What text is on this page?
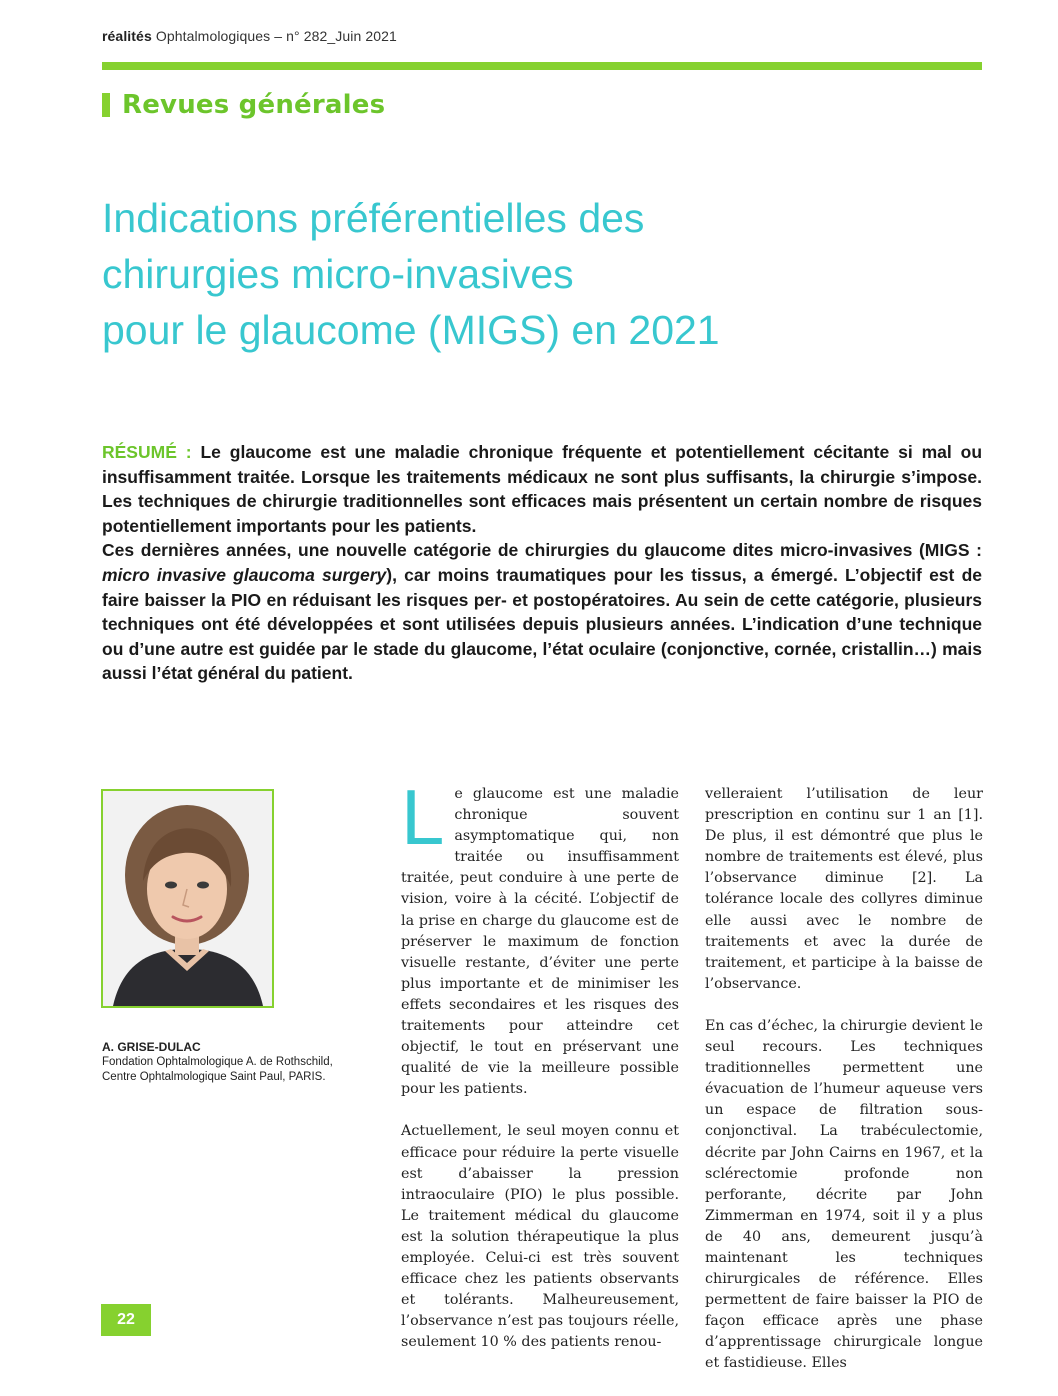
réalités Ophtalmologiques – n° 282_Juin 2021
Revues générales
Indications préférentielles des
chirurgies micro-invasives
pour le glaucome (MIGS) en 2021

RÉSUMÉ : Le glaucome est une maladie chronique fréquente et potentiellement cécitante si mal ou insuffisamment traitée. Lorsque les traitements médicaux ne sont plus suffisants, la chirurgie s’impose. Les techniques de chirurgie traditionnelles sont efficaces mais présentent un certain nombre de risques potentiellement importants pour les patients.

Ces dernières années, une nouvelle catégorie de chirurgies du glaucome dites micro-invasives (MIGS : micro invasive glaucoma surgery), car moins traumatiques pour les tissus, a émergé. L’objectif est de faire baisser la PIO en réduisant les risques per- et postopératoires. Au sein de cette catégorie, plusieurs techniques ont été développées et sont utilisées depuis plusieurs années. L’indication d’une technique ou d’une autre est guidée par le stade du glaucome, l’état oculaire (conjonctive, cornée, cristallin…) mais aussi l’état général du patient.

A. GRISE-DULAC
Fondation Ophtalmologique A. de Rothschild,
Centre Ophtalmologique Saint Paul, PARIS.

Le glaucome est une maladie chronique souvent asymptomatique qui, non traitée ou insuffisamment traitée, peut conduire à une perte de vision, voire à la cécité. L’objectif de la prise en charge du glaucome est de préserver le maximum de fonction visuelle restante, d’éviter une perte plus importante et de minimiser les effets secondaires et les risques des traitements pour atteindre cet objectif, le tout en préservant une qualité de vie la meilleure possible pour les patients.

Actuellement, le seul moyen connu et efficace pour réduire la perte visuelle est d’abaisser la pression intraoculaire (PIO) le plus possible. Le traitement médical du glaucome est la solution thérapeutique la plus employée. Celui-ci est très souvent efficace chez les patients observants et tolérants. Malheureusement, l’observance n’est pas toujours réelle, seulement 10 % des patients renou-

velleraient l’utilisation de leur prescription en continu sur 1 an [1]. De plus, il est démontré que plus le nombre de traitements est élevé, plus l’observance diminue [2]. La tolérance locale des collyres diminue elle aussi avec le nombre de traitements et avec la durée de traitement, et participe à la baisse de l’observance.

En cas d’échec, la chirurgie devient le seul recours. Les techniques traditionnelles permettent une évacuation de l’humeur aqueuse vers un espace de filtration sous-conjonctival. La trabéculectomie, décrite par John Cairns en 1967, et la sclérectomie profonde non perforante, décrite par John Zimmerman en 1974, soit il y a plus de 40 ans, demeurent jusqu’à maintenant les techniques chirurgicales de référence. Elles permettent de faire baisser la PIO de façon efficace après une phase d’apprentissage chirurgicale longue et fastidieuse. Elles

22
